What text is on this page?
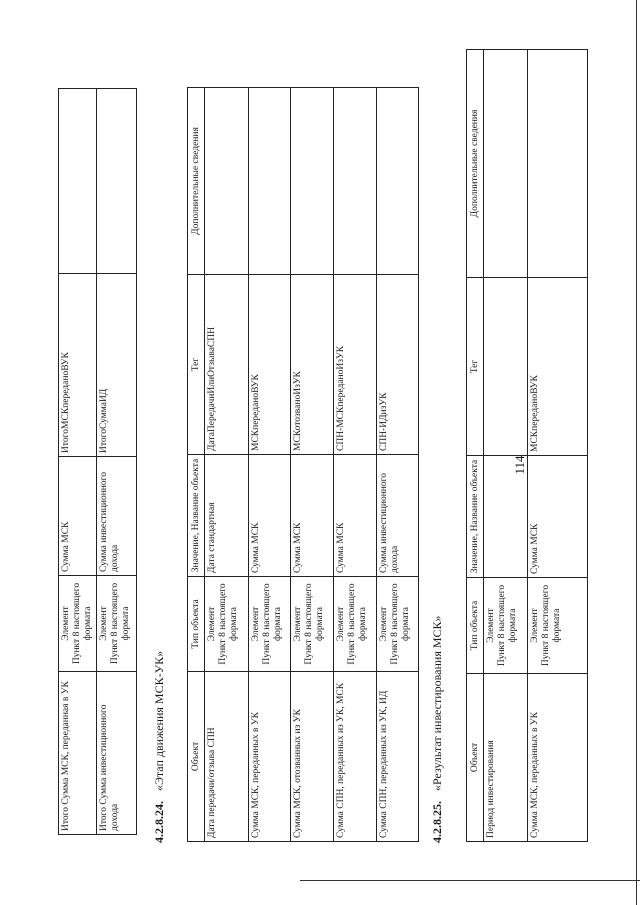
114
Итого Сумма МСК, переданная в УК	Элемент Пункт 8 настоящего формата	Сумма МСК	ИтогоМСКпереданоВУК	
Итого Сумма инвестиционного дохода	Элемент Пункт 8 настоящего формата	Сумма инвестиционного дохода	ИтогоСуммаИД	
4.2.8.24.«Этап движения МСК-УК»	Объект	Тип объекта	Значение, Название объекта	Тег	Дополнительные сведения
Дата передачи/отзыва СПН	Элемент Пункт 8 настоящего формата	Дата стандартная	ДатаПередачиИлиОтзываСПН	
Сумма МСК, переданных в УК	Элемент Пункт 8 настоящего формата	Сумма МСК	МСКпереданоВУК	
Сумма МСК, отозванных из УК	Элемент Пункт 8 настоящего формата	Сумма МСК	МСКотозваноИзУК	
Сумма СПН, переданных из УК, МСК	Элемент Пункт 8 настоящего формата	Сумма МСК	СПН-МСКпереданоИзУК	
Сумма СПН, переданных из УК, ИД	Элемент Пункт 8 настоящего формата	Сумма инвестиционного дохода	СПН-ИДизУК	
4.2.8.25.«Результат инвестирования МСК»	Объект	Тип объекта	Значение, Название объекта	Тег	Дополнительные сведения
Период инвестирования	Элемент Пункт 8 настоящего формата			

Сумма МСК, переданных в УК	Элемент Пункт 8 настоящего формата	Сумма МСК	МСКпереданоВУК	
